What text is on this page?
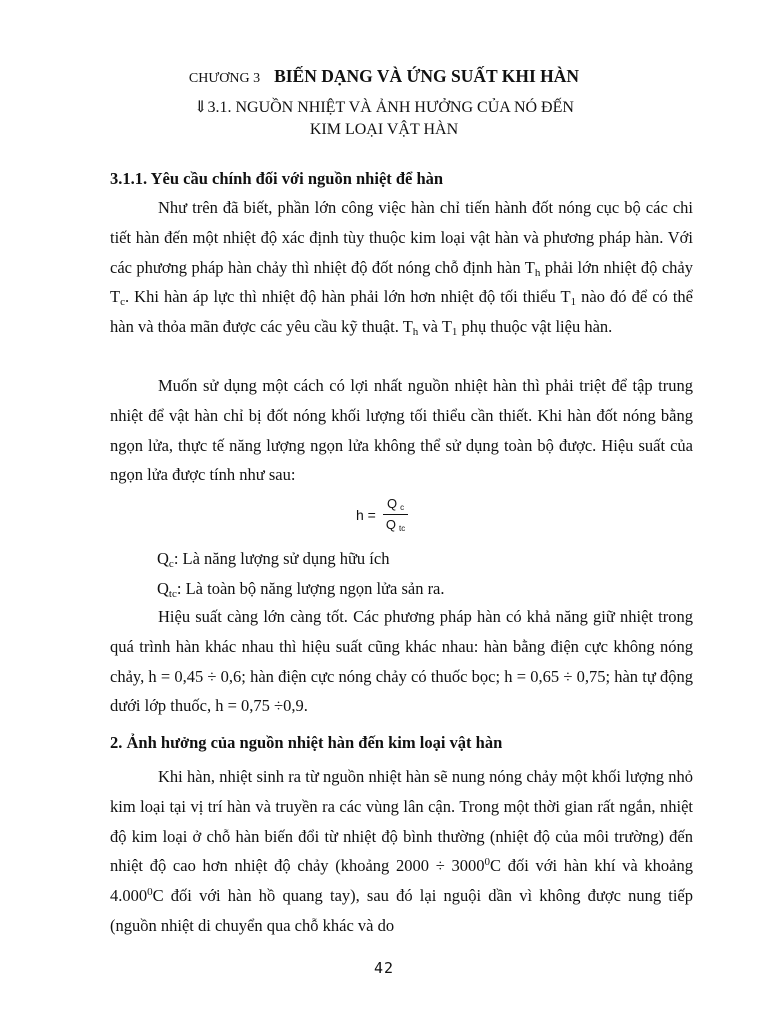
CHƯƠNG 3 BIẾN DẠNG VÀ ỨNG SUẤT KHI HÀN
⇓3.1. NGUỒN NHIỆT VÀ ẢNH HƯỞNG CỦA NÓ ĐẾN
KIM LOẠI VẬT HÀN
3.1.1. Yêu cầu chính đối với nguồn nhiệt để hàn

Như trên đã biết, phần lớn công việc hàn chỉ tiến hành đốt nóng cục bộ các chi tiết hàn đến một nhiệt độ xác định tùy thuộc kim loại vật hàn và phương pháp hàn. Với các phương pháp hàn chảy thì nhiệt độ đốt nóng chỗ định hàn $T_h$ phải lớn nhiệt độ chảy $T_c$. Khi hàn áp lực thì nhiệt độ hàn phải lớn hơn nhiệt độ tối thiểu $T_1$ nào đó để có thể hàn và thỏa mãn được các yêu cầu kỹ thuật. $T_h$ và $T_1$ phụ thuộc vật liệu hàn.

Muốn sử dụng một cách có lợi nhất nguồn nhiệt hàn thì phải triệt để tập trung nhiệt để vật hàn chỉ bị đốt nóng khối lượng tối thiểu cần thiết. Khi hàn đốt nóng bằng ngọn lửa, thực tế năng lượng ngọn lửa không thể sử dụng toàn bộ được. Hiệu suất của ngọn lửa được tính như sau:

$h = \frac{\text{Q c}}{\text{Q tc}}$
$Q_c$: Là năng lượng sử dụng hữu ích
$Q_{tc}$: Là toàn bộ năng lượng ngọn lửa sản ra.

Hiệu suất càng lớn càng tốt. Các phương pháp hàn có khả năng giữ nhiệt trong quá trình hàn khác nhau thì hiệu suất cũng khác nhau: hàn bằng điện cực không nóng chảy, h = 0,45 ÷ 0,6; hàn điện cực nóng chảy có thuốc bọc; h = 0,65 ÷ 0,75; hàn tự động dưới lớp thuốc, h = 0,75 ÷0,9.

2. Ảnh hưởng của nguồn nhiệt hàn đến kim loại vật hàn

Khi hàn, nhiệt sinh ra từ nguồn nhiệt hàn sẽ nung nóng chảy một khối lượng nhỏ kim loại tại vị trí hàn và truyền ra các vùng lân cận. Trong một thời gian rất ngắn, nhiệt độ kim loại ở chỗ hàn biến đổi từ nhiệt độ bình thường (nhiệt độ của môi trường) đến nhiệt độ cao hơn nhiệt độ chảy (khoảng $2000 \div 3000^0C$ đối với hàn khí và khoảng 4.000$^0$C đối với hàn hồ quang tay), sau đó lại nguội dần vì không được nung tiếp (nguồn nhiệt di chuyển qua chỗ khác và do

42
